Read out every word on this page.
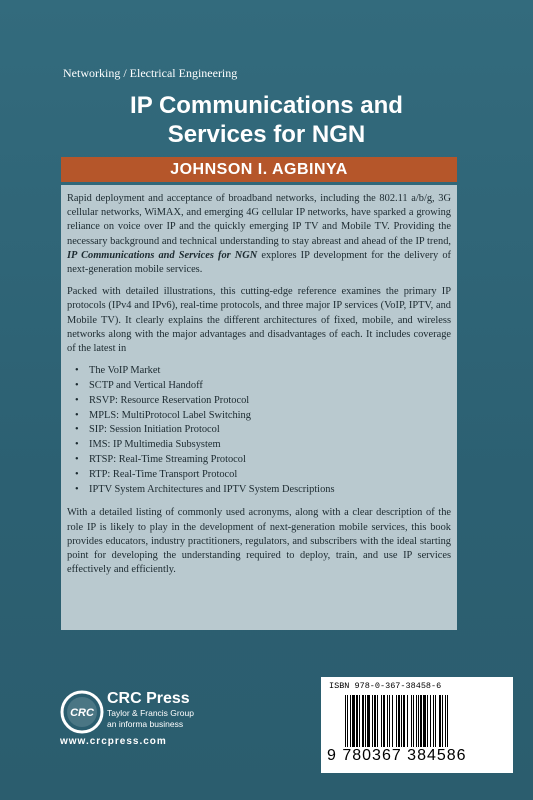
Networking / Electrical Engineering
IP Communications and
Services for NGN
JOHNSON I. AGBINYA

Rapid deployment and acceptance of broadband networks, including the 802.11 a/b/g, 3G cellular networks, WiMAX, and emerging 4G cellular IP networks, have sparked a growing reliance on voice over IP and the quickly emerging IP TV and Mobile TV. Providing the necessary background and technical understanding to stay abreast and ahead of the IP trend, IP Communications and Services for NGN explores IP development for the delivery of next-generation mobile services.

Packed with detailed illustrations, this cutting-edge reference examines the primary IP protocols (IPv4 and IPv6), real-time protocols, and three major IP services (VoIP, IPTV, and Mobile TV). It clearly explains the different architectures of fixed, mobile, and wireless networks along with the major advantages and disadvantages of each. It includes coverage of the latest in

• The VoIP Market
• SCTP and Vertical Handoff
• RSVP: Resource Reservation Protocol
• MPLS: MultiProtocol Label Switching
• SIP: Session Initiation Protocol
• IMS: IP Multimedia Subsystem
• RTSP: Real-Time Streaming Protocol
• RTP: Real-Time Transport Protocol
• IPTV System Architectures and IPTV System Descriptions

With a detailed listing of commonly used acronyms, along with a clear description of the role IP is likely to play in the development of next-generation mobile services, this book provides educators, industry practitioners, regulators, and subscribers with the ideal starting point for developing the understanding required to deploy, train, and use IP services effectively and efficiently.

CRC
CRC Press
Taylor & Francis Group
an informa business
www.crcpress.com
ISBN 978-0-367-38458-6
9 780367 384586
